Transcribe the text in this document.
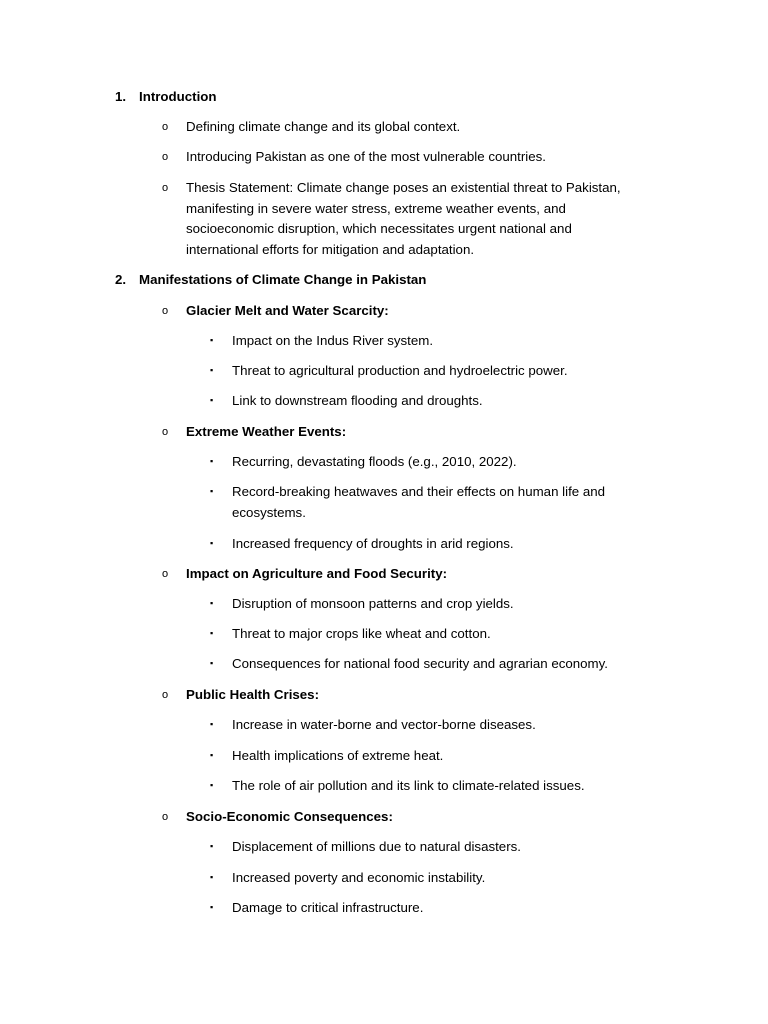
1. Introduction
o Defining climate change and its global context.
o Introducing Pakistan as one of the most vulnerable countries.
o Thesis Statement: Climate change poses an existential threat to Pakistan,
manifesting in severe water stress, extreme weather events, and
socioeconomic disruption, which necessitates urgent national and
international efforts for mitigation and adaptation.
2. Manifestations of Climate Change in Pakistan
o Glacier Melt and Water Scarcity:
▪ Impact on the Indus River system.
▪ Threat to agricultural production and hydroelectric power.
▪ Link to downstream flooding and droughts.
o Extreme Weather Events:
▪ Recurring, devastating floods (e.g., 2010, 2022).
▪ Record-breaking heatwaves and their effects on human life and
ecosystems.
▪ Increased frequency of droughts in arid regions.
o Impact on Agriculture and Food Security:
▪ Disruption of monsoon patterns and crop yields.
▪ Threat to major crops like wheat and cotton.
▪ Consequences for national food security and agrarian economy.
o Public Health Crises:
▪ Increase in water-borne and vector-borne diseases.
▪ Health implications of extreme heat.
▪ The role of air pollution and its link to climate-related issues.
o Socio-Economic Consequences:
▪ Displacement of millions due to natural disasters.
▪ Increased poverty and economic instability.
▪ Damage to critical infrastructure.
